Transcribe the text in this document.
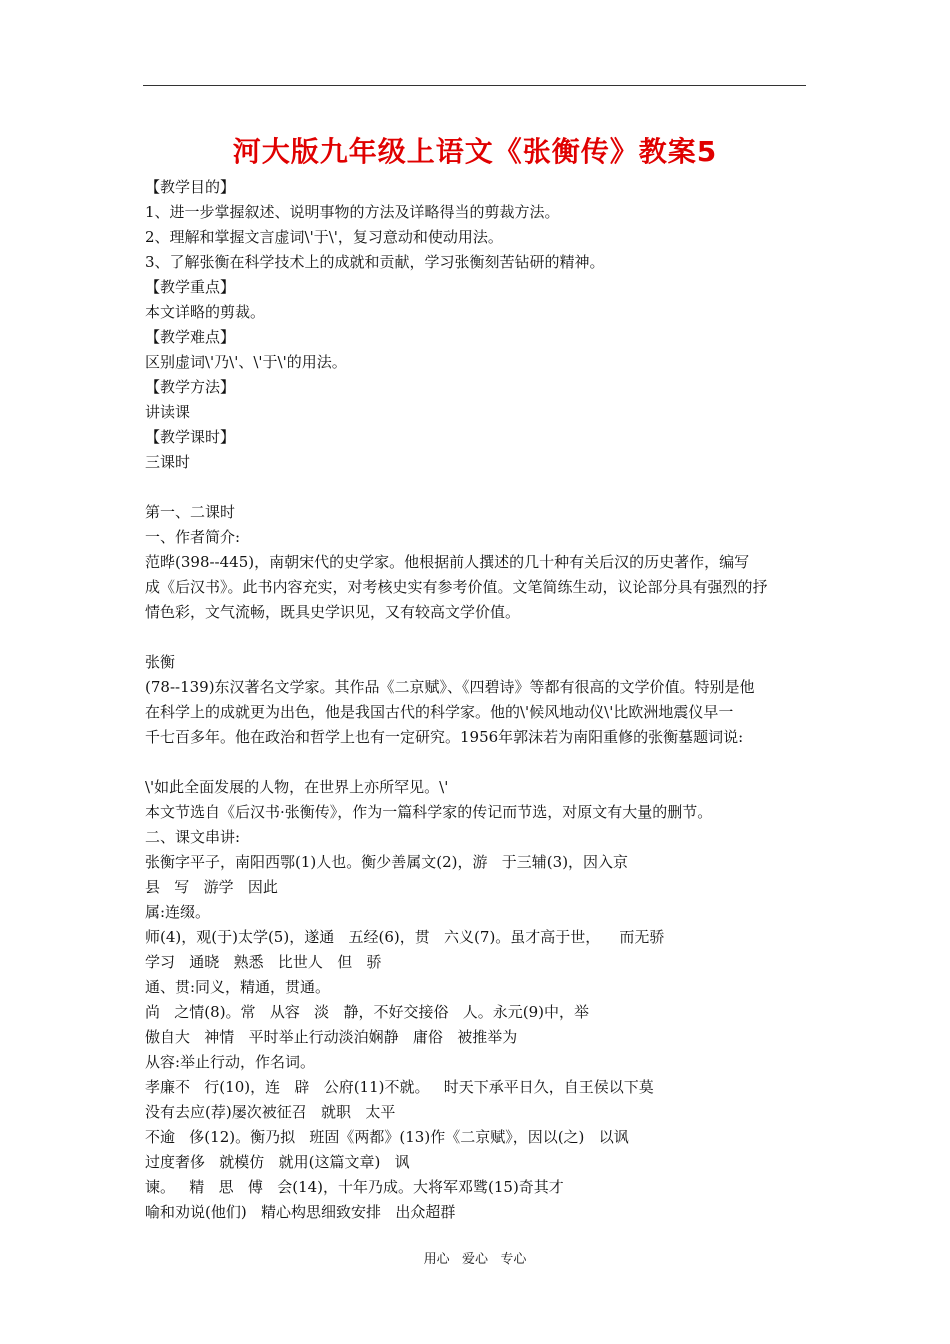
河大版九年级上语文《张衡传》教案5
【教学目的】
1、进一步掌握叙述、说明事物的方法及详略得当的剪裁方法。
2、理解和掌握文言虚词\'于\'，复习意动和使动用法。
3、了解张衡在科学技术上的成就和贡献，学习张衡刻苦钻研的精神。
【教学重点】
本文详略的剪裁。
【教学难点】
区别虚词\'乃\'、\'于\'的用法。
【教学方法】
讲读课
【教学课时】
三课时
第一、二课时
一、作者简介:
范晔(398--445)，南朝宋代的史学家。他根据前人撰述的几十种有关后汉的历史著作，编写
成《后汉书》。此书内容充实，对考核史实有参考价值。文笔简练生动，议论部分具有强烈的抒
情色彩，文气流畅，既具史学识见，又有较高文学价值。
张衡
(78--139)东汉著名文学家。其作品《二京赋》、《四碧诗》等都有很高的文学价值。特别是他
在科学上的成就更为出色，他是我国古代的科学家。他的\'候风地动仪\'比欧洲地震仪早一
千七百多年。他在政治和哲学上也有一定研究。1956年郭沫若为南阳重修的张衡墓题词说:
\'如此全面发展的人物，在世界上亦所罕见。\'
本文节选自《后汉书·张衡传》，作为一篇科学家的传记而节选，对原文有大量的删节。
二、课文串讲:
张衡字平子，南阳西鄂(1)人也。衡少善属文(2)，游   于三辅(3)，因入京
县   写   游学   因此
属:连缀。
师(4)，观(于)太学(5)，遂通   五经(6)，贯   六义(7)。虽才高于世，    而无骄
学习   通晓   熟悉   比世人   但   骄
通、贯:同义，精通，贯通。
尚   之情(8)。常   从容   淡   静，不好交接俗   人。永元(9)中，举
傲自大   神情   平时举止行动淡泊娴静   庸俗   被推举为
从容:举止行动，作名词。
孝廉不   行(10)，连   辟   公府(11)不就。   时天下承平日久，自王侯以下莫
没有去应(荐)屡次被征召   就职   太平
不逾   侈(12)。衡乃拟   班固《两都》(13)作《二京赋》，因以(之)   以讽
过度奢侈   就模仿   就用(这篇文章)   讽
谏。   精   思   傅   会(14)，十年乃成。大将军邓骘(15)奇其才
喻和劝说(他们)   精心构思细致安排   出众超群
用心   爱心   专心
